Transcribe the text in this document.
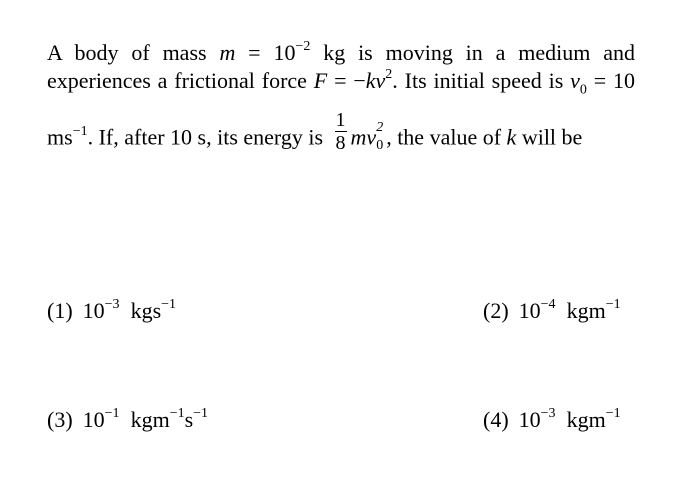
A body of mass $m = 10^{-2}$ kg is moving in a medium and
experiences a frictional force $F = -kv^2$. Its initial speed is $v_0 = 10$
$ms^{-1}$. If, after 10 s, its energy is $\frac{1}{8}$ mv 2
0 , the value of k will be
(1) $10^{-3}$ kgs$^{-1}$	(2) $10^{-4}$ kgm$^{-1}$
(3) $10^{-1}$ $kgm^{-1}s^{-1}$	(4) $10^{-3}$ kgm$^{-1}$
